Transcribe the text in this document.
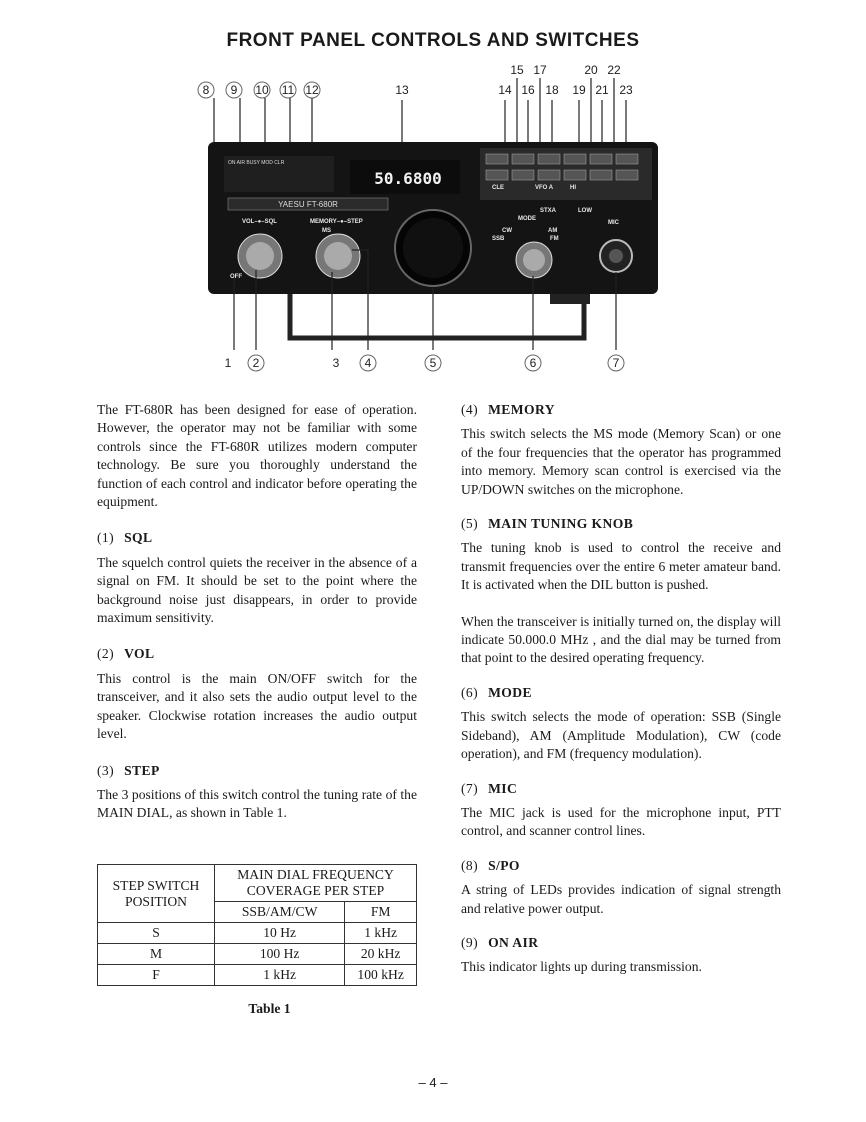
FRONT PANEL CONTROLS AND SWITCHES
8 9 10 11 12	13
15 17	20 22
14 16 18 19 21 23
ON AIR BUSY MOD CLR
50.6800
YAESU FT-680R
VOL–●–SQL	MEMORY–●–STEP
MS
OFF
MODE
CW	AM
SSB	FM
MIC
CLE	VFO A	HI
STXA	LOW
1 2	3 4	5	6	7

The FT-680R has been designed for ease of operation. However, the operator may not be familiar with some controls since the FT-680R utilizes modern computer technology. Be sure you thoroughly understand the function of each control and indicator before operating the equipment.

(1) SQL

The squelch control quiets the receiver in the absence of a signal on FM. It should be set to the point where the background noise just disappears, in order to provide maximum sensitivity.

(2) VOL

This control is the main ON/OFF switch for the transceiver, and it also sets the audio output level to the speaker. Clockwise rotation increases the audio output level.

(3) STEP

The 3 positions of this switch control the tuning rate of the MAIN DIAL, as shown in Table 1.

STEP SWITCH POSITION	MAIN DIAL FREQUENCY COVERAGE PER STEP	
	SSB/AM/CW	FM
S	10 Hz	1 kHz
M	100 Hz	20 kHz
F	1 kHz	100 kHz
Table 1
(4) MEMORY

This switch selects the MS mode (Memory Scan) or one of the four frequencies that the operator has programmed into memory. Memory scan control is exercised via the UP/DOWN switches on the microphone.

(5) MAIN TUNING KNOB

The tuning knob is used to control the receive and transmit frequencies over the entire 6 meter amateur band. It is activated when the DIL button is pushed.

When the transceiver is initially turned on, the display will indicate 50.000.0 MHz , and the dial may be turned from that point to the desired operating frequency.

(6) MODE

This switch selects the mode of operation: SSB (Single Sideband), AM (Amplitude Modulation), CW (code operation), and FM (frequency modulation).

(7) MIC

The MIC jack is used for the microphone input, PTT control, and scanner control lines.

(8) S/PO

A string of LEDs provides indication of signal strength and relative power output.

(9) ON AIR

This indicator lights up during transmission.

– 4 –
